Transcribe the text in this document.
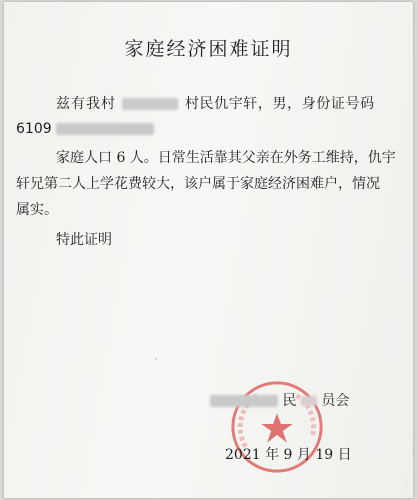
家庭经济困难证明
兹有我村	村民仇宇轩，男，身份证号码
6109
家庭人口 6 人。日常生活靠其父亲在外务工维持，仇宇
轩兄第二人上学花费较大，该户属于家庭经济困难户，情况
属实。
特此证明
˙
民 员会
2021 年 9 月 19 日
